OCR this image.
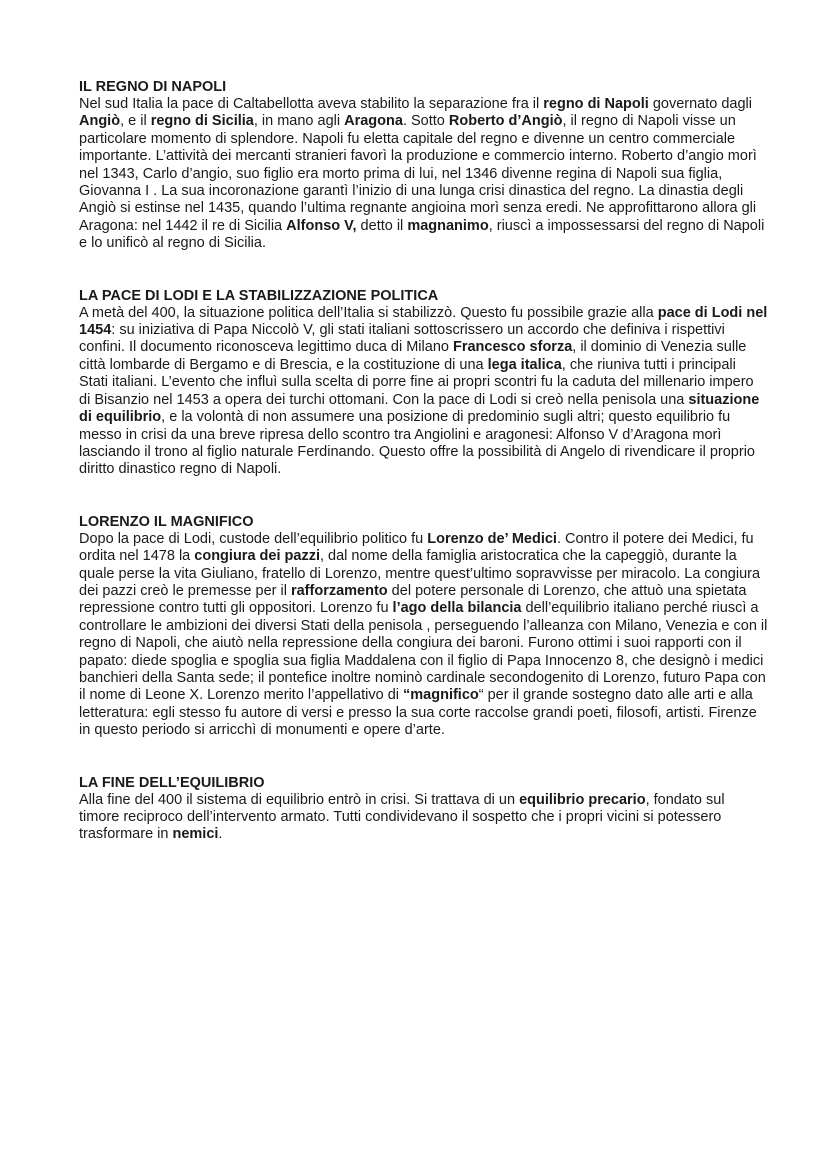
IL REGNO DI NAPOLI

Nel sud Italia la pace di Caltabellotta aveva stabilito la separazione fra il regno di Napoli governato dagli Angiò, e il regno di Sicilia, in mano agli Aragona. Sotto Roberto d’Angiò, il regno di Napoli visse un particolare momento di splendore. Napoli fu eletta capitale del regno e divenne un centro commerciale importante. L’attività dei mercanti stranieri favorì la produzione e commercio interno. Roberto d’angio morì nel 1343, Carlo d’angio, suo figlio era morto prima di lui, nel 1346 divenne regina di Napoli sua figlia, Giovanna I . La sua incoronazione garantì l’inizio di una lunga crisi dinastica del regno. La dinastia degli Angiò si estinse nel 1435, quando l’ultima regnante angioina morì senza eredi. Ne approfittarono allora gli Aragona: nel 1442 il re di Sicilia Alfonso V, detto il magnanimo, riuscì a impossessarsi del regno di Napoli e lo unificò al regno di Sicilia.

LA PACE DI LODI E LA STABILIZZAZIONE POLITICA

A metà del 400, la situazione politica dell’Italia si stabilizzò. Questo fu possibile grazie alla pace di Lodi nel 1454: su iniziativa di Papa Niccolò V, gli stati italiani sottoscrissero un accordo che definiva i rispettivi confini. Il documento riconosceva legittimo duca di Milano Francesco sforza, il dominio di Venezia sulle città lombarde di Bergamo e di Brescia, e la costituzione di una lega italica, che riuniva tutti i principali Stati italiani. L’evento che influì sulla scelta di porre fine ai propri scontri fu la caduta del millenario impero di Bisanzio nel 1453 a opera dei turchi ottomani. Con la pace di Lodi si creò nella penisola una situazione di equilibrio, e la volontà di non assumere una posizione di predominio sugli altri; questo equilibrio fu messo in crisi da una breve ripresa dello scontro tra Angiolini e aragonesi: Alfonso V d’Aragona morì lasciando il trono al figlio naturale Ferdinando. Questo offre la possibilità di Angelo di rivendicare il proprio diritto dinastico regno di Napoli.

LORENZO IL MAGNIFICO

Dopo la pace di Lodi, custode dell’equilibrio politico fu Lorenzo de’ Medici. Contro il potere dei Medici, fu ordita nel 1478 la congiura dei pazzi, dal nome della famiglia aristocratica che la capeggiò, durante la quale perse la vita Giuliano, fratello di Lorenzo, mentre quest’ultimo sopravvisse per miracolo. La congiura dei pazzi creò le premesse per il rafforzamento del potere personale di Lorenzo, che attuò una spietata repressione contro tutti gli oppositori. Lorenzo fu l’ago della bilancia dell’equilibrio italiano perché riuscì a controllare le ambizioni dei diversi Stati della penisola , perseguendo l’alleanza con Milano, Venezia e con il regno di Napoli, che aiutò nella repressione della congiura dei baroni. Furono ottimi i suoi rapporti con il papato: diede spoglia e spoglia sua figlia Maddalena con il figlio di Papa Innocenzo 8, che designò i medici banchieri della Santa sede; il pontefice inoltre nominò cardinale secondogenito di Lorenzo, futuro Papa con il nome di Leone X. Lorenzo merito l’appellativo di “magnifico“ per il grande sostegno dato alle arti e alla letteratura: egli stesso fu autore di versi e presso la sua corte raccolse grandi poeti, filosofi, artisti. Firenze in questo periodo si arricchì di monumenti e opere d’arte.

LA FINE DELL’EQUILIBRIO

Alla fine del 400 il sistema di equilibrio entrò in crisi. Si trattava di un equilibrio precario, fondato sul timore reciproco dell’intervento armato. Tutti condividevano il sospetto che i propri vicini si potessero trasformare in nemici.
